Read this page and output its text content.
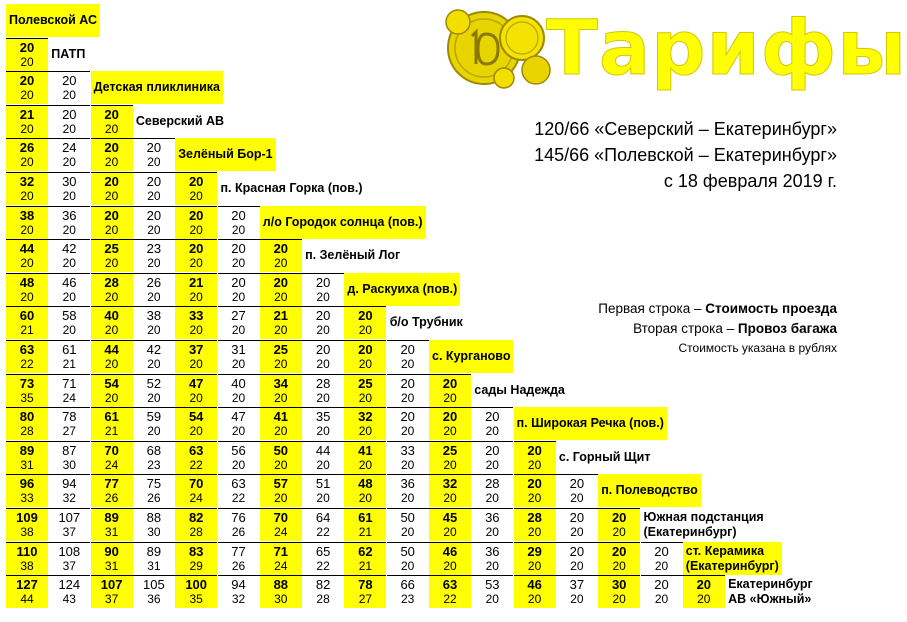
Тарифы
120/66 «Северский – Екатеринбург»
145/66 «Полевской – Екатеринбург»
с 18 февраля 2019 г.
Первая строка – Стоимость проезда
Вторая строка – Провоз багажа
Стоимость указана в рублях
Полевской АС
ПАТП
Детская пликлиника
Северский АВ
Зелёный Бор-1
п. Красная Горка (пов.)
л/о Городок солнца (пов.)
п. Зелёный Лог
д. Раскуиха (пов.)
б/о Трубник
с. Курганово
сады Надежда
п. Широкая Речка (пов.)
с. Горный Щит
п. Полеводство
Южная подстанция
(Екатеринбург)
ст. Керамика
(Екатеринбург)
Екатеринбург
АВ «Южный»
20
20
20
20
20
20
21
20
20
20
20
20
26
20
24
20
20
20
20
20
32
20
30
20
20
20
20
20
20
20
38
20
36
20
20
20
20
20
20
20
20
20
44
20
42
20
25
20
23
20
20
20
20
20
20
20
48
20
46
20
28
20
26
20
21
20
20
20
20
20
20
20
60
21
58
20
40
20
38
20
33
20
27
20
21
20
20
20
20
20
63
22
61
21
44
20
42
20
37
20
31
20
25
20
20
20
20
20
20
20
73
35
71
24
54
20
52
20
47
20
40
20
34
20
28
20
25
20
20
20
20
20
80
28
78
27
61
21
59
20
54
20
47
20
41
20
35
20
32
20
20
20
20
20
20
20
89
31
87
30
70
24
68
23
63
22
56
20
50
20
44
20
41
20
33
20
25
20
20
20
20
20
96
33
94
32
77
26
75
26
70
24
63
22
57
20
51
20
48
20
36
20
32
20
28
20
20
20
20
20
109
38
107
37
89
31
88
30
82
28
76
26
70
24
64
22
61
21
50
20
45
20
36
20
28
20
20
20
20
20
110
38
108
37
90
31
89
31
83
29
77
26
71
24
65
22
62
21
50
20
46
20
36
20
29
20
20
20
20
20
20
20
127
44
124
43
107
37
105
36
100
35
94
32
88
30
82
28
78
27
66
23
63
22
53
20
46
20
37
20
30
20
20
20
20
20
